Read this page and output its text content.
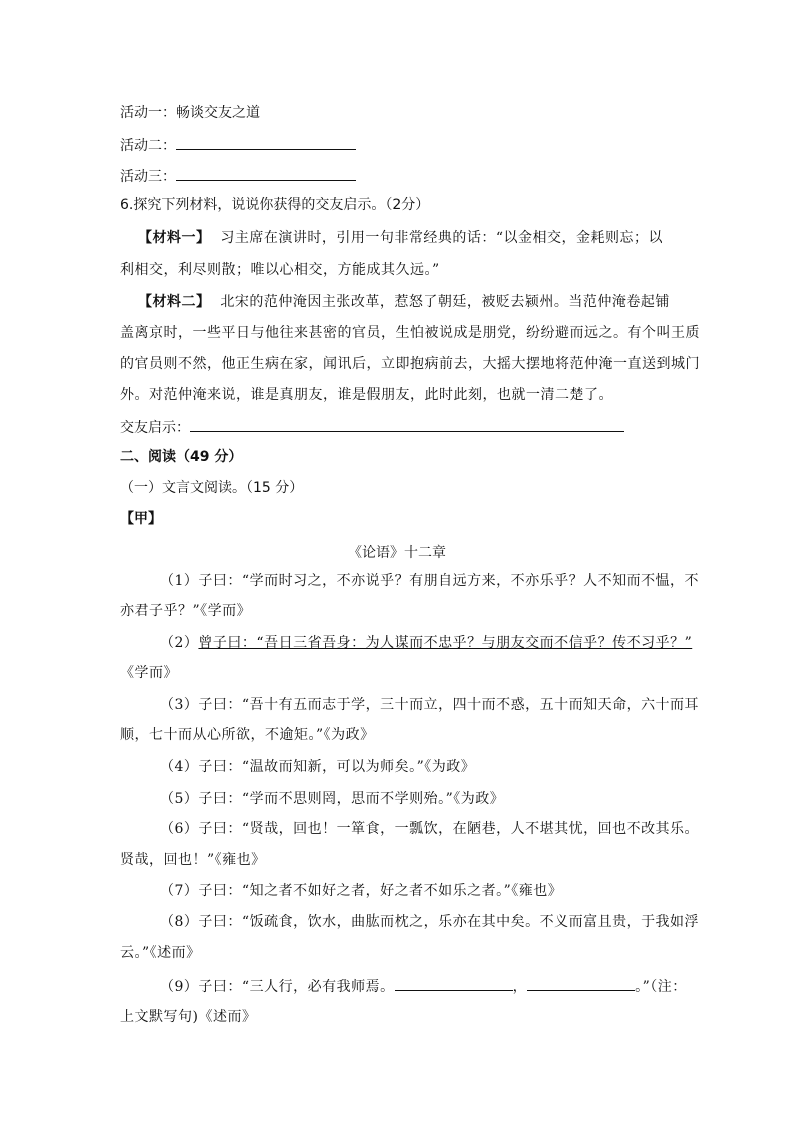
活动一：畅谈交友之道
活动二：
活动三：
6.探究下列材料，说说你获得的交友启示。（2分）
【材料一】 习主席在演讲时，引用一句非常经典的话：“以金相交，金耗则忘；以
利相交，利尽则散；唯以心相交，方能成其久远。”
【材料二】 北宋的范仲淹因主张改革，惹怒了朝廷，被贬去颍州。当范仲淹卷起铺
盖离京时，一些平日与他往来甚密的官员，生怕被说成是朋党，纷纷避而远之。有个叫王质
的官员则不然，他正生病在家，闻讯后，立即抱病前去，大摇大摆地将范仲淹一直送到城门
外。对范仲淹来说，谁是真朋友，谁是假朋友，此时此刻，也就一清二楚了。
交友启示：
二、阅读（49 分）
（一）文言文阅读。（15 分）
【甲】
《论语》十二章
（1）子曰：“学而时习之，不亦说乎？有朋自远方来，不亦乐乎？人不知而不愠，不
亦君子乎？”《学而》
（2）曾子曰：“吾日三省吾身：为人谋而不忠乎？与朋友交而不信乎？传不习乎？”
《学而》
（3）子曰：“吾十有五而志于学，三十而立，四十而不惑，五十而知天命，六十而耳
顺，七十而从心所欲，不逾矩。”《为政》
（4）子曰：“温故而知新，可以为师矣。”《为政》
（5）子曰：“学而不思则罔，思而不学则殆。”《为政》
（6）子曰：“贤哉，回也！一箪食，一瓢饮，在陋巷，人不堪其忧，回也不改其乐。
贤哉，回也！”《雍也》
（7）子曰：“知之者不如好之者，好之者不如乐之者。”《雍也》
（8）子曰：“饭疏食，饮水，曲肱而枕之，乐亦在其中矣。不义而富且贵，于我如浮
云。”《述而》
（9）子曰：“三人行，必有我师焉。	，	。”（注：
上文默写句)《述而》
